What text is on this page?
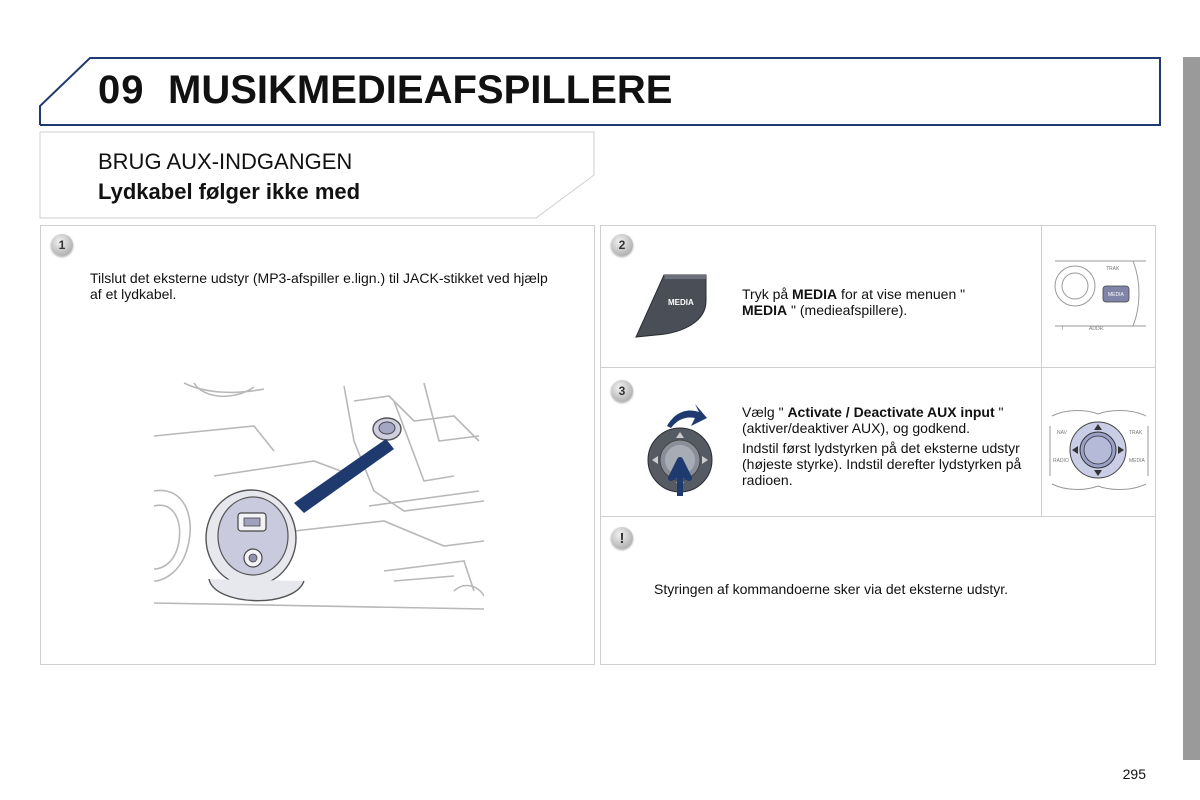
09 MUSIKMEDIEAFSPILLERE
BRUG AUX-INDGANGEN
Lydkabel følger ikke med
1
Tilslut det eksterne udstyr (MP3-afspiller e.lign.) til JACK-stikket ved hjælp af et lydkabel.
2
MEDIA
Tryk på MEDIA for at vise menuen " MEDIA " (medieafspillere).
TRAK
MEDIA
T	ADDR.
3
Vælg " Activate / Deactivate AUX input " (aktiver/deaktiver AUX), og godkend.
Indstil først lydstyrken på det eksterne udstyr (højeste styrke). Indstil derefter lydstyrken på radioen.
NAV	TRAK
RADIO	MEDIA
!
Styringen af kommandoerne sker via det eksterne udstyr.
295
